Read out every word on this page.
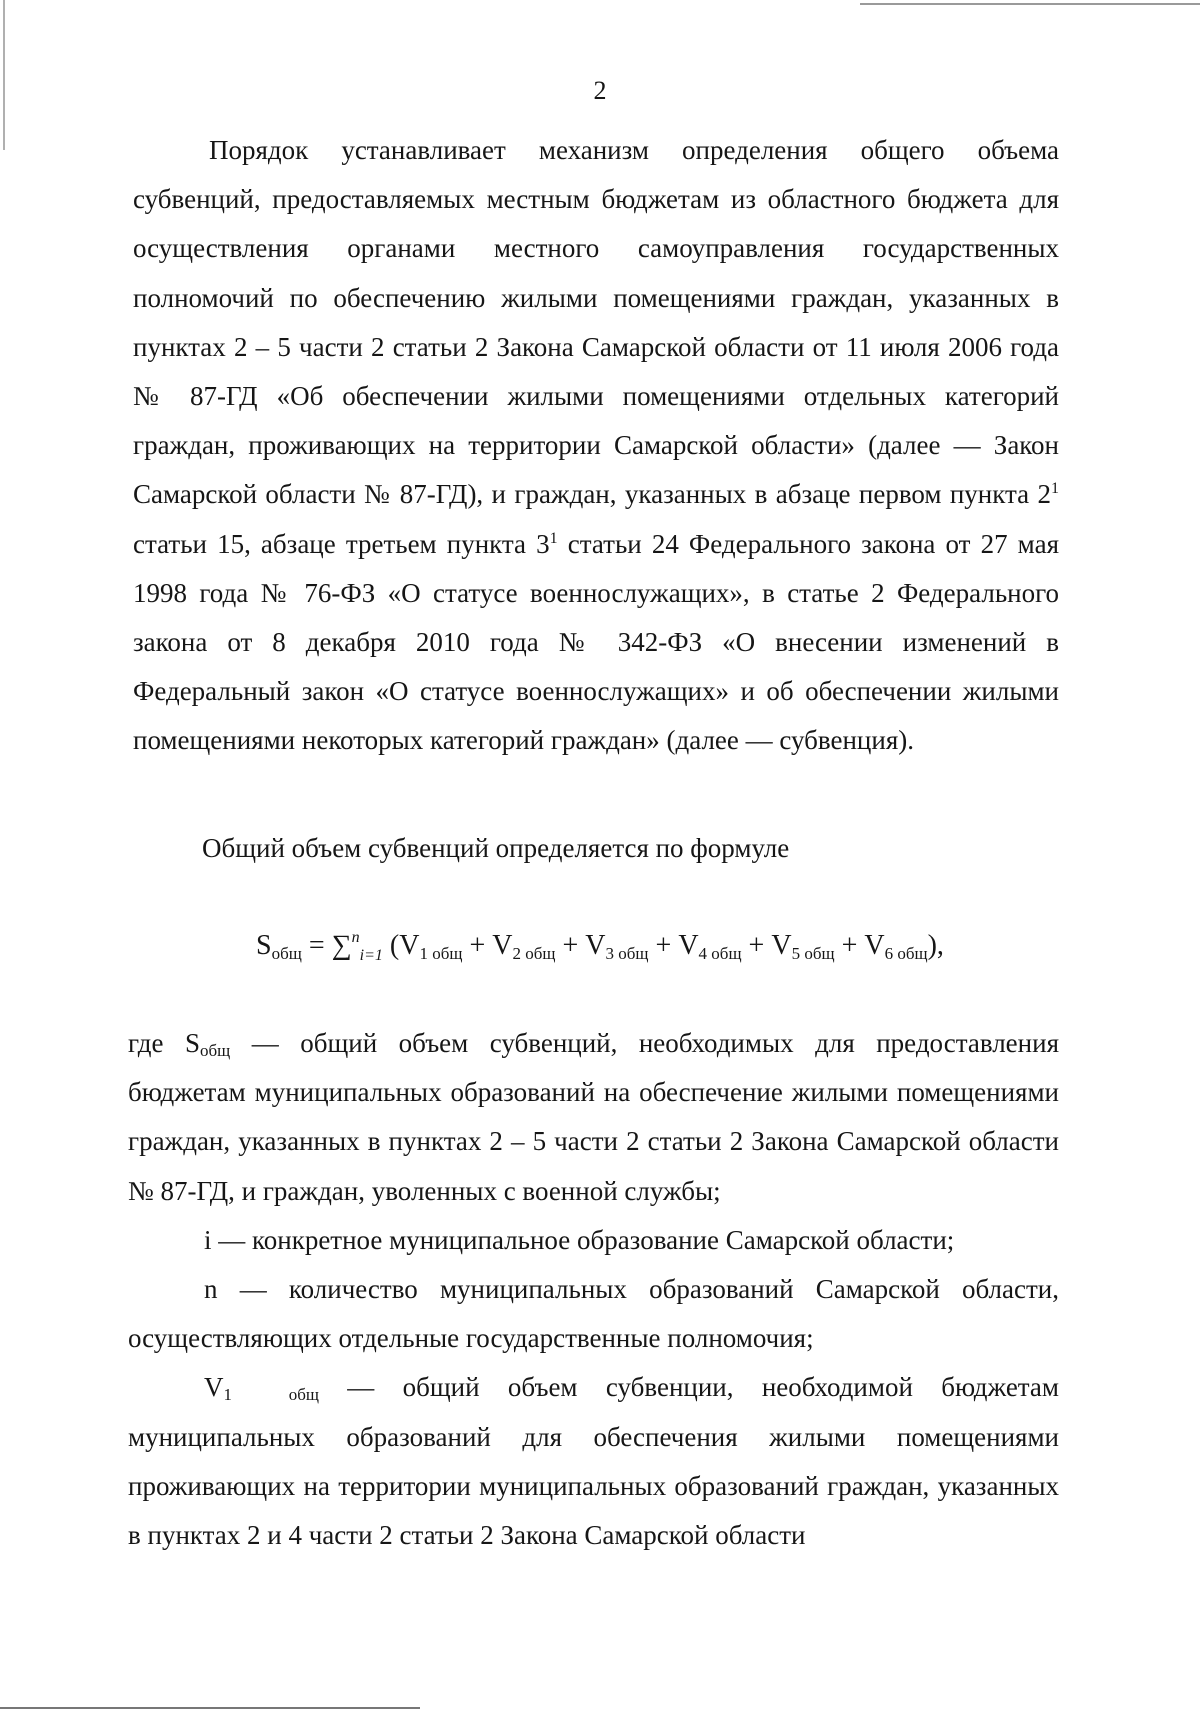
2

Порядок устанавливает механизм определения общего объема субвенций, предоставляемых местным бюджетам из областного бюджета для осуществления органами местного самоуправления государственных полномочий по обеспечению жилыми помещениями граждан, указанных в пунктах 2 – 5 части 2 статьи 2 Закона Самарской области от 11 июля 2006 года № 87-ГД «Об обеспечении жилыми помещениями отдельных категорий граждан, проживающих на территории Самарской области» (далее — Закон Самарской области № 87-ГД), и граждан, указанных в абзаце первом пункта $2^1$ статьи 15, абзаце третьем пункта $3^1$ статьи 24 Федерального закона от 27 мая 1998 года № 76-ФЗ «О статусе военнослужащих», в статье 2 Федерального закона от 8 декабря 2010 года № 342-ФЗ «О внесении изменений в Федеральный закон «О статусе военнослужащих» и об обеспечении жилыми помещениями некоторых категорий граждан» (далее — субвенция).

Общий объем субвенций определяется по формуле

$S_{общ} = \sum^n_{i=1}$ $(V_{1 общ} + V_{2 общ} + V_{3 общ} + V_{4 общ} + V_{5 общ} + V_{6 общ})$,

где $S_{общ}$ — общий объем субвенций, необходимых для предоставления бюджетам муниципальных образований на обеспечение жилыми помещениями граждан, указанных в пунктах 2 – 5 части 2 статьи 2 Закона Самарской области № 87-ГД, и граждан, уволенных с военной службы;

i — конкретное муниципальное образование Самарской области;

n — количество муниципальных образований Самарской области, осуществляющих отдельные государственные полномочия;

$V_1$	$_{общ}$ — общий объем субвенции, необходимой бюджетам муниципальных образований для обеспечения жилыми помещениями проживающих на территории муниципальных образований граждан, указанных в пунктах 2 и 4 части 2 статьи 2 Закона Самарской области
